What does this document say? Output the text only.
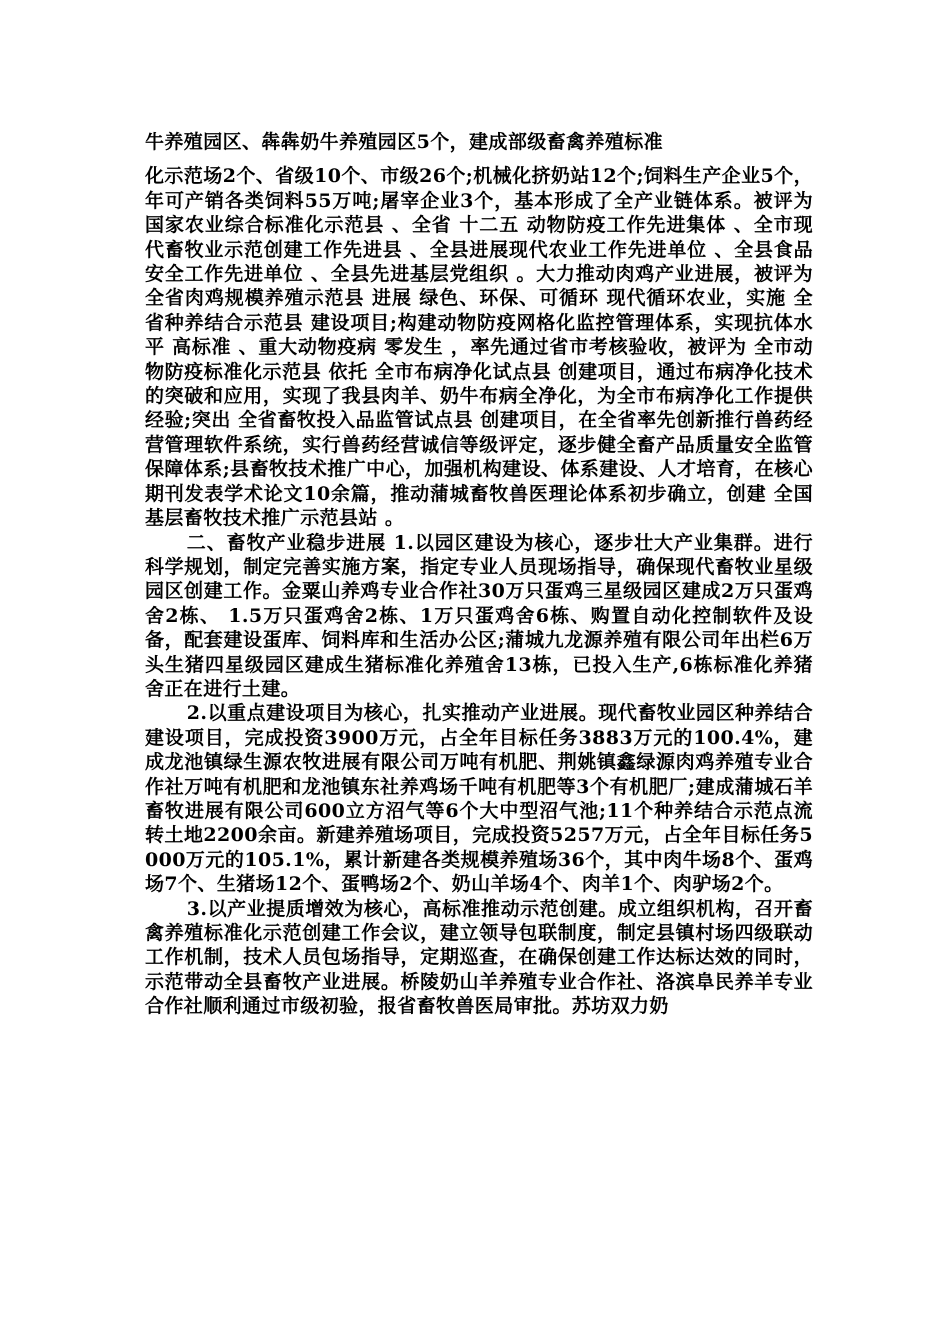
牛养殖园区、犇犇奶牛养殖园区5个，建成部级畜禽养殖标准

化示范场2个、省级10个、市级26个;机械化挤奶站12个;饲料生产企业5个，年可产销各类饲料55万吨;屠宰企业3个，基本形成了全产业链体系。被评为 国家农业综合标准化示范县 、全省 十二五 动物防疫工作先进集体 、全市现代畜牧业示范创建工作先进县 、全县进展现代农业工作先进单位 、全县食品安全工作先进单位 、全县先进基层党组织 。大力推动肉鸡产业进展，被评为 全省肉鸡规模养殖示范县 进展 绿色、环保、可循环 现代循环农业，实施 全省种养结合示范县 建设项目;构建动物防疫网格化监控管理体系，实现抗体水平 高标准 、重大动物疫病 零发生 ，率先通过省市考核验收，被评为 全市动物防疫标准化示范县 依托 全市布病净化试点县 创建项目，通过布病净化技术 的突破和应用，实现了我县肉羊、奶牛布病全净化，为全市布病净化工作提供经验;突出 全省畜牧投入品监管试点县 创建项目，在全省率先创新推行兽药经营管理软件系统，实行兽药经营诚信等级评定，逐步健全畜产品质量安全监管保障体系;县畜牧技术推广中心，加强机构建设、体系建设、人才培育，在核心期刊发表学术论文10余篇，推动蒲城畜牧兽医理论体系初步确立，创建 全国基层畜牧技术推广示范县站 。

二、畜牧产业稳步进展 1.以园区建设为核心，逐步壮大产业集群。进行科学规划，制定完善实施方案，指定专业人员现场指导，确保现代畜牧业星级园区创建工作。金粟山养鸡专业合作社30万只蛋鸡三星级园区建成2万只蛋鸡舍2栋、 1.5万只蛋鸡舍2栋、1万只蛋鸡舍6栋、购置自动化控制软件及设备，配套建设蛋库、饲料库和生活办公区;蒲城九龙源养殖有限公司年出栏6万头生猪四星级园区建成生猪标准化养殖舍13栋，已投入生产,6栋标准化养猪舍正在进行土建。

2.以重点建设项目为核心，扎实推动产业进展。现代畜牧业园区种养结合建设项目，完成投资3900万元，占全年目标任务3883万元的100.4%，建成龙池镇绿生源农牧进展有限公司万吨有机肥、荆姚镇鑫绿源肉鸡养殖专业合作社万吨有机肥和龙池镇东社养鸡场千吨有机肥等3个有机肥厂;建成蒲城石羊畜牧进展有限公司600立方沼气等6个大中型沼气池;11个种养结合示范点流转土地2200余亩。新建养殖场项目，完成投资5257万元，占全年目标任务5000万元的105.1%，累计新建各类规模养殖场36个，其中肉牛场8个、蛋鸡场7个、生猪场12个、蛋鸭场2个、奶山羊场4个、肉羊1个、肉驴场2个。

3.以产业提质增效为核心，高标准推动示范创建。成立组织机构，召开畜禽养殖标准化示范创建工作会议，建立领导包联制度，制定县镇村场四级联动工作机制，技术人员包场指导，定期巡查，在确保创建工作达标达效的同时，示范带动全县畜牧产业进展。桥陵奶山羊养殖专业合作社、洛滨阜民养羊专业合作社顺利通过市级初验，报省畜牧兽医局审批。苏坊双力奶
